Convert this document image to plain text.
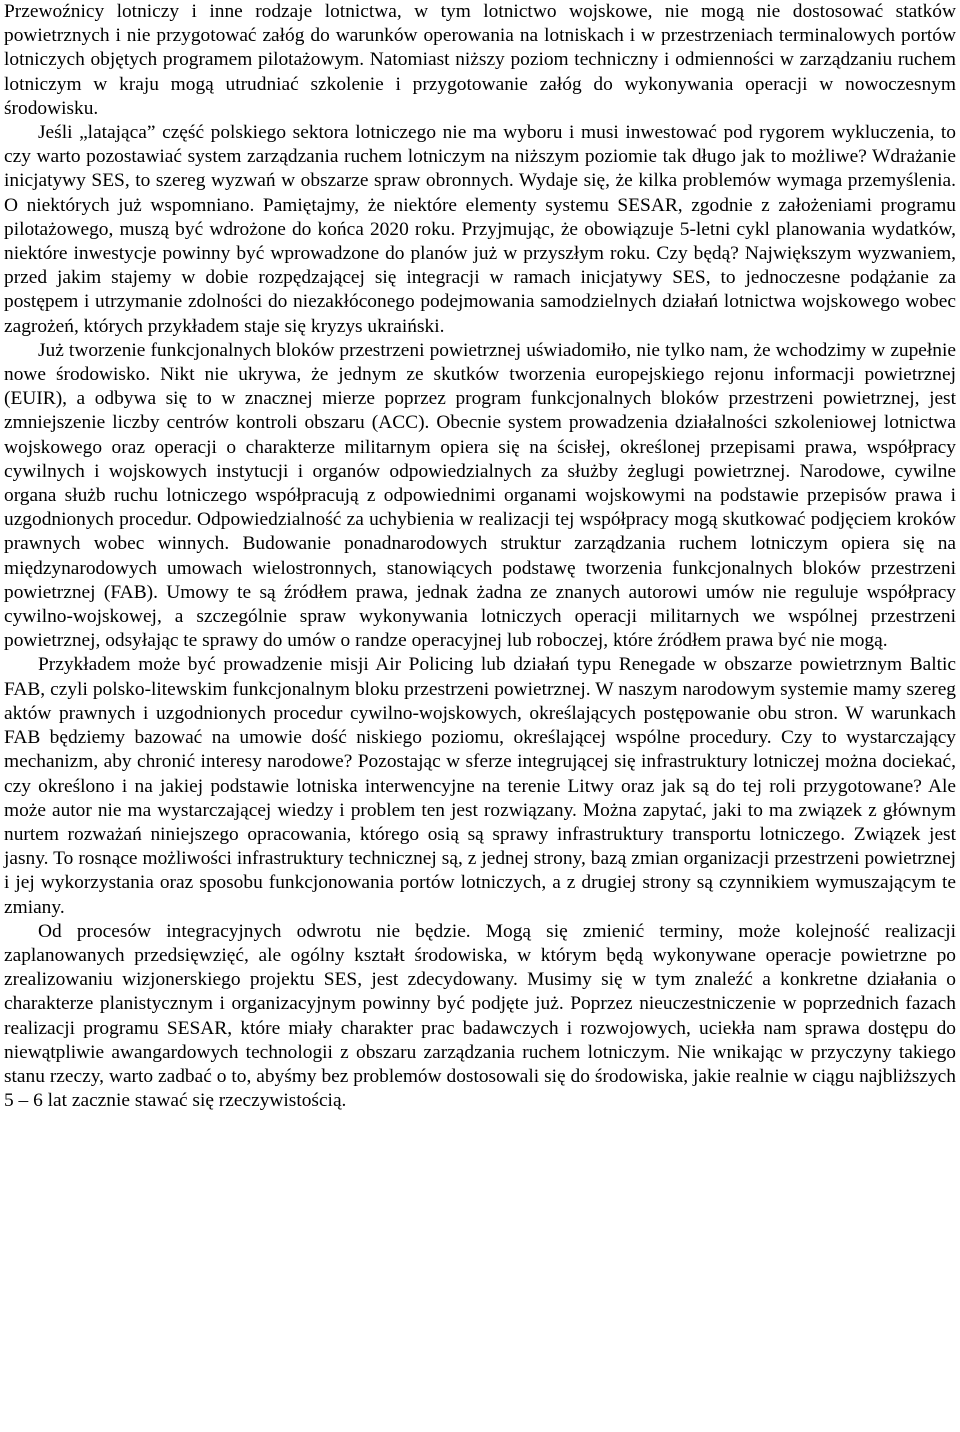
Przewoźnicy lotniczy i inne rodzaje lotnictwa, w tym lotnictwo wojskowe, nie mogą nie dostosować statków powietrznych i nie przygotować załóg do warunków operowania na lotniskach i w przestrzeniach terminalowych portów lotniczych objętych programem pilotażowym. Natomiast niższy poziom techniczny i odmienności w zarządzaniu ruchem lotniczym w kraju mogą utrudniać szkolenie i przygotowanie załóg do wykonywania operacji w nowoczesnym środowisku.

Jeśli „latająca” część polskiego sektora lotniczego nie ma wyboru i musi inwestować pod rygorem wykluczenia, to czy warto pozostawiać system zarządzania ruchem lotniczym na niższym poziomie tak długo jak to możliwe? Wdrażanie inicjatywy SES, to szereg wyzwań w obszarze spraw obronnych. Wydaje się, że kilka problemów wymaga przemyślenia. O niektórych już wspomniano. Pamiętajmy, że niektóre elementy systemu SESAR, zgodnie z założeniami programu pilotażowego, muszą być wdrożone do końca 2020 roku. Przyjmując, że obowiązuje 5-letni cykl planowania wydatków, niektóre inwestycje powinny być wprowadzone do planów już w przyszłym roku. Czy będą? Największym wyzwaniem, przed jakim stajemy w dobie rozpędzającej się integracji w ramach inicjatywy SES, to jednoczesne podążanie za postępem i utrzymanie zdolności do niezakłóconego podejmowania samodzielnych działań lotnictwa wojskowego wobec zagrożeń, których przykładem staje się kryzys ukraiński.

Już tworzenie funkcjonalnych bloków przestrzeni powietrznej uświadomiło, nie tylko nam, że wchodzimy w zupełnie nowe środowisko. Nikt nie ukrywa, że jednym ze skutków tworzenia europejskiego rejonu informacji powietrznej (EUIR), a odbywa się to w znacznej mierze poprzez program funkcjonalnych bloków przestrzeni powietrznej, jest zmniejszenie liczby centrów kontroli obszaru (ACC). Obecnie system prowadzenia działalności szkoleniowej lotnictwa wojskowego oraz operacji o charakterze militarnym opiera się na ścisłej, określonej przepisami prawa, współpracy cywilnych i wojskowych instytucji i organów odpowiedzialnych za służby żeglugi powietrznej. Narodowe, cywilne organa służb ruchu lotniczego współpracują z odpowiednimi organami wojskowymi na podstawie przepisów prawa i uzgodnionych procedur. Odpowiedzialność za uchybienia w realizacji tej współpracy mogą skutkować podjęciem kroków prawnych wobec winnych. Budowanie ponadnarodowych struktur zarządzania ruchem lotniczym opiera się na międzynarodowych umowach wielostronnych, stanowiących podstawę tworzenia funkcjonalnych bloków przestrzeni powietrznej (FAB). Umowy te są źródłem prawa, jednak żadna ze znanych autorowi umów nie reguluje współpracy cywilno-wojskowej, a szczególnie spraw wykonywania lotniczych operacji militarnych we wspólnej przestrzeni powietrznej, odsyłając te sprawy do umów o randze operacyjnej lub roboczej, które źródłem prawa być nie mogą.

Przykładem może być prowadzenie misji Air Policing lub działań typu Renegade w obszarze powietrznym Baltic FAB, czyli polsko-litewskim funkcjonalnym bloku przestrzeni powietrznej. W naszym narodowym systemie mamy szereg aktów prawnych i uzgodnionych procedur cywilno-wojskowych, określających postępowanie obu stron. W warunkach FAB będziemy bazować na umowie dość niskiego poziomu, określającej wspólne procedury. Czy to wystarczający mechanizm, aby chronić interesy narodowe? Pozostając w sferze integrującej się infrastruktury lotniczej można dociekać, czy określono i na jakiej podstawie lotniska interwencyjne na terenie Litwy oraz jak są do tej roli przygotowane? Ale może autor nie ma wystarczającej wiedzy i problem ten jest rozwiązany. Można zapytać, jaki to ma związek z głównym nurtem rozważań niniejszego opracowania, którego osią są sprawy infrastruktury transportu lotniczego. Związek jest jasny. To rosnące możliwości infrastruktury technicznej są, z jednej strony, bazą zmian organizacji przestrzeni powietrznej i jej wykorzystania oraz sposobu funkcjonowania portów lotniczych, a z drugiej strony są czynnikiem wymuszającym te zmiany.

Od procesów integracyjnych odwrotu nie będzie. Mogą się zmienić terminy, może kolejność realizacji zaplanowanych przedsięwzięć, ale ogólny kształt środowiska, w którym będą wykonywane operacje powietrzne po zrealizowaniu wizjonerskiego projektu SES, jest zdecydowany. Musimy się w tym znaleźć a konkretne działania o charakterze planistycznym i organizacyjnym powinny być podjęte już. Poprzez nieuczestniczenie w poprzednich fazach realizacji programu SESAR, które miały charakter prac badawczych i rozwojowych, uciekła nam sprawa dostępu do niewątpliwie awangardowych technologii z obszaru zarządzania ruchem lotniczym. Nie wnikając w przyczyny takiego stanu rzeczy, warto zadbać o to, abyśmy bez problemów dostosowali się do środowiska, jakie realnie w ciągu najbliższych 5 – 6 lat zacznie stawać się rzeczywistością.
